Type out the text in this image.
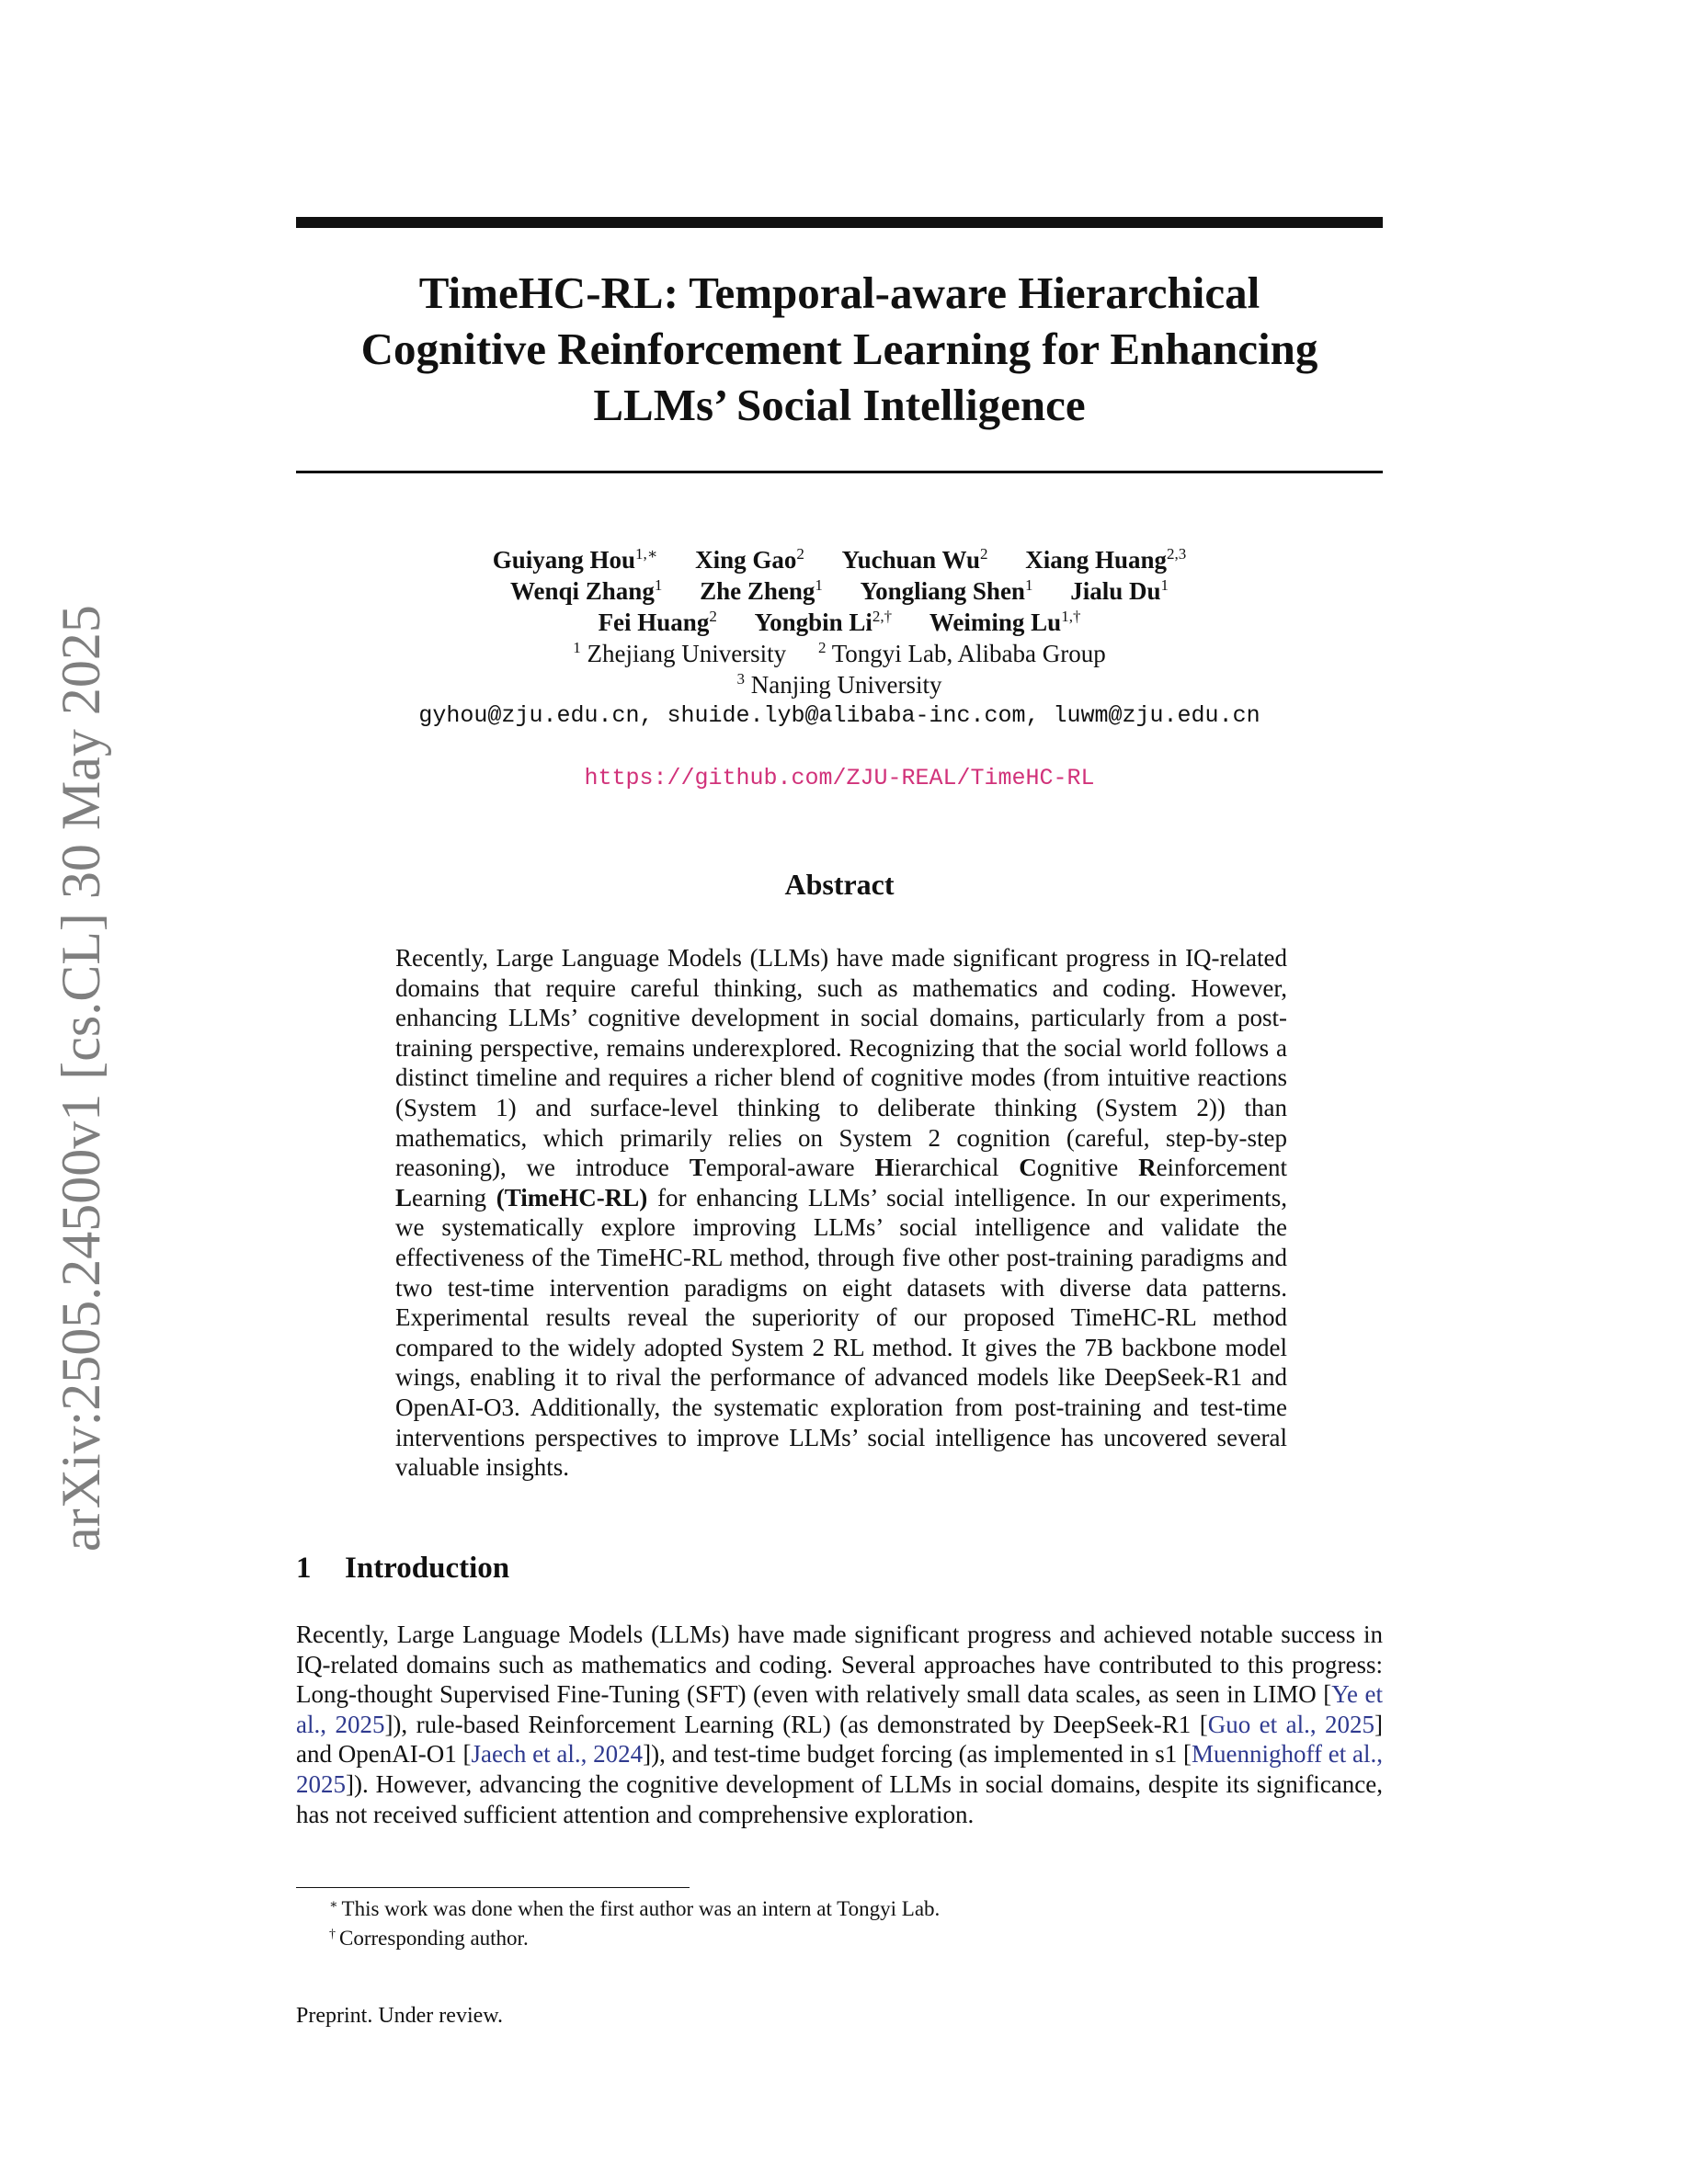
arXiv:2505.24500v1 [cs.CL] 30 May 2025
TimeHC-RL: Temporal-aware Hierarchical
Cognitive Reinforcement Learning for Enhancing
LLMs’ Social Intelligence
Guiyang Hou$^{1,∗}$ Xing Gao$^2$ Yuchuan Wu$^2$ Xiang Huang$^{2,3}$
Wenqi Zhang$^1$ Zhe Zheng$^1$ Yongliang Shen$^1$ Jialu Du$^1$
Fei Huang$^2$ Yongbin $Li^{2,\dagger}$ Weiming $Lu^{1,\dagger}$
$^1$ Zhejiang University $^2$ Tongyi Lab, Alibaba Group
$^3$ Nanjing University
gyhou@zju.edu.cn, shuide.lyb@alibaba-inc.com, luwm@zju.edu.cn
https://github.com/ZJU-REAL/TimeHC-RL
Abstract

Recently, Large Language Models (LLMs) have made significant progress in IQ-related domains that require careful thinking, such as mathematics and coding. However, enhancing LLMs’ cognitive development in social domains, particularly from a post-training perspective, remains underexplored. Recognizing that the social world follows a distinct timeline and requires a richer blend of cognitive modes (from intuitive reactions (System 1) and surface-level thinking to deliberate thinking (System 2)) than mathematics, which primarily relies on System 2 cognition (careful, step-by-step reasoning), we introduce Temporal-aware Hierarchical Cognitive Reinforcement Learning (TimeHC-RL) for enhancing LLMs’ social intelligence. In our experiments, we systematically explore improving LLMs’ social intelligence and validate the effectiveness of the TimeHC-RL method, through five other post-training paradigms and two test-time intervention paradigms on eight datasets with diverse data patterns. Experimental results reveal the superiority of our proposed TimeHC-RL method compared to the widely adopted System 2 RL method. It gives the 7B backbone model wings, enabling it to rival the performance of advanced models like DeepSeek-R1 and OpenAI-O3. Additionally, the systematic exploration from post-training and test-time interventions perspectives to improve LLMs’ social intelligence has uncovered several valuable insights.

1 Introduction

Recently, Large Language Models (LLMs) have made significant progress and achieved notable success in IQ-related domains such as mathematics and coding. Several approaches have contributed to this progress: Long-thought Supervised Fine-Tuning (SFT) (even with relatively small data scales, as seen in LIMO [Ye et al., 2025]), rule-based Reinforcement Learning (RL) (as demonstrated by DeepSeek-R1 [Guo et al., 2025] and OpenAI-O1 [Jaech et al., 2024]), and test-time budget forcing (as implemented in s1 [Muennighoff et al., 2025]). However, advancing the cognitive development of LLMs in social domains, despite its significance, has not received sufficient attention and comprehensive exploration.

∗ This work was done when the first author was an intern at Tongyi Lab.
† Corresponding author.
Preprint. Under review.
